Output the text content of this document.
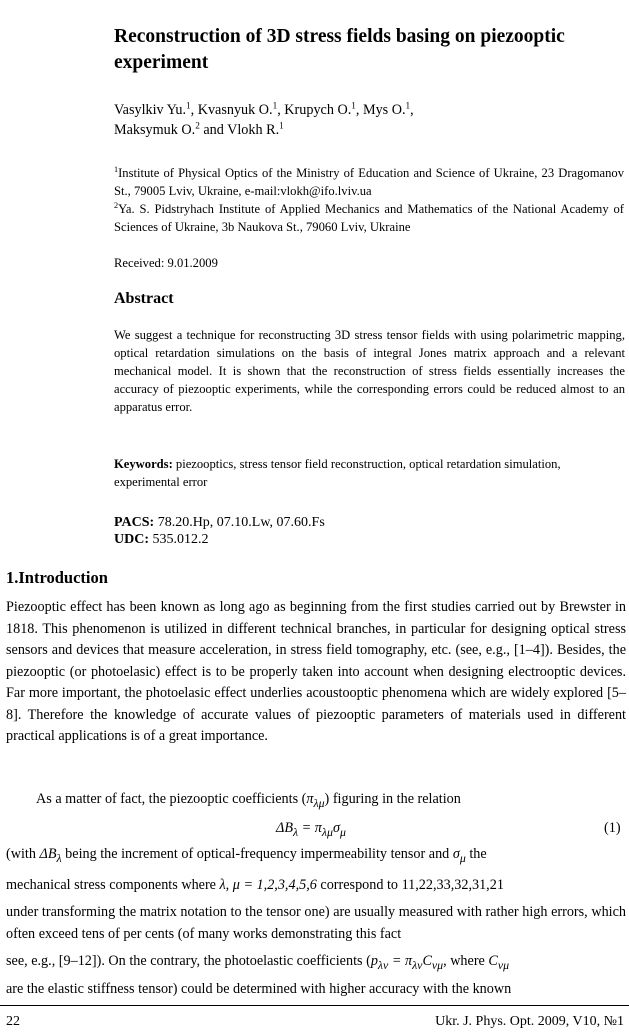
Reconstruction of 3D stress fields basing on piezooptic experiment
Vasylkiv Yu.$^1$, Kvasnyuk O.$^1$, Krupych O.$^1$, Mys O.$^1$,
Maksymuk O.$^2$ and Vlokh R.$^1$
$^1$Institute of Physical Optics of the Ministry of Education and Science of Ukraine, 23 Dragomanov St., 79005 Lviv, Ukraine, e-mail:vlokh@ifo.lviv.ua
$^2$Ya. S. Pidstryhach Institute of Applied Mechanics and Mathematics of the National Academy of Sciences of Ukraine, 3b Naukova St., 79060 Lviv, Ukraine
Received: 9.01.2009
Abstract
We suggest a technique for reconstructing 3D stress tensor fields with using polarimetric mapping, optical retardation simulations on the basis of integral Jones matrix approach and a relevant mechanical model. It is shown that the reconstruction of stress fields essentially increases the accuracy of piezooptic experiments, while the corresponding errors could be reduced almost to an apparatus error.
Keywords: piezooptics, stress tensor field reconstruction, optical retardation simulation, experimental error
PACS: 78.20.Hp, 07.10.Lw, 07.60.Fs
UDC: 535.012.2
1.Introduction
Piezooptic effect has been known as long ago as beginning from the first studies carried out by Brewster in 1818. This phenomenon is utilized in different technical branches, in particular for designing optical stress sensors and devices that measure acceleration, in stress field tomography, etc. (see, e.g., [1–4]). Besides, the piezooptic (or photoelasic) effect is to be properly taken into account when designing electrooptic devices. Far more important, the photoelasic effect underlies acoustooptic phenomena which are widely explored [5–8]. Therefore the knowledge of accurate values of piezooptic parameters of materials used in different practical applications is of a great importance.
As a matter of fact, the piezooptic coefficients $(\pi_{\lambda\mu})$ figuring in the relation
$\Delta B_\lambda = \pi_{\lambda\mu}\sigma_\mu$	(1)
(with $\Delta B_\lambda$ being the increment of optical-frequency impermeability tensor and $\sigma_\mu$ the
mechanical stress components where λ, μ = 1,2,3,4,5,6 correspond to 11,22,33,32,31,21
under transforming the matrix notation to the tensor one) are usually measured with rather high errors, which often exceed tens of per cents (of many works demonstrating this fact
see, e.g., [9–12]). On the contrary, the photoelastic coefficients ($p_{\lambda\nu} = \pi_{\lambda\nu}C_{\nu\mu}$, where $C_{\nu\mu}$
are the elastic stiffness tensor) could be determined with higher accuracy with the known
22	Ukr. J. Phys. Opt. 2009, V10, №1
